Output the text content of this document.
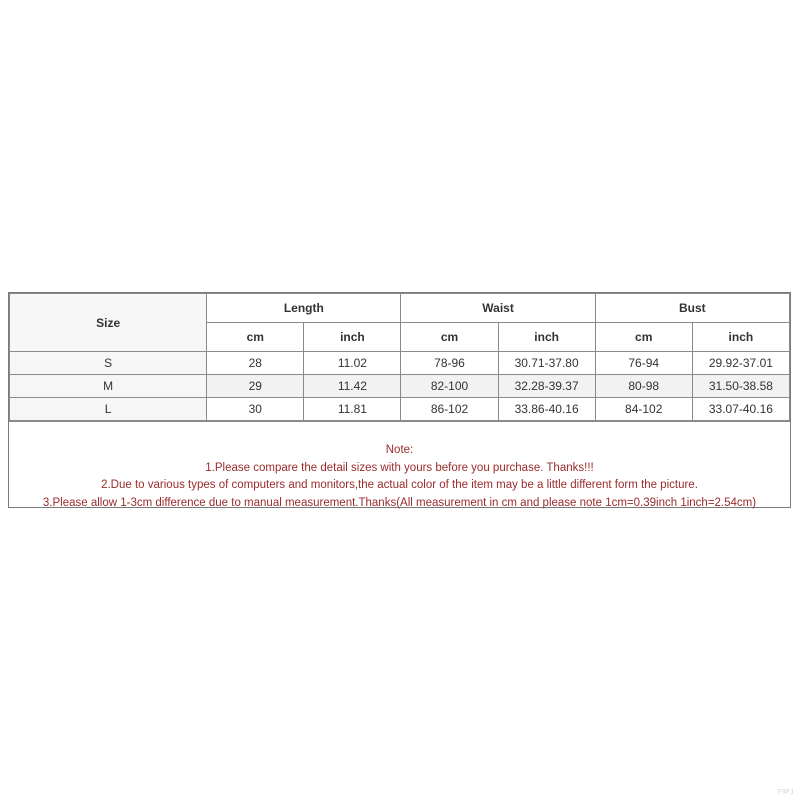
Size	Length		Waist		Bust	
	cm	inch	cm	inch	cm	inch
S	28	11.02	78-96	30.71-37.80	76-94	29.92-37.01
M	29	11.42	82-100	32.28-39.37	80-98	31.50-38.58
L	30	11.81	86-102	33.86-40.16	84-102	33.07-40.16
Note:
1.Please compare the detail sizes with yours before you purchase. Thanks!!!
2.Due to various types of computers and monitors,the actual color of the item may be a little different form the picture.
3.Please allow 1-3cm difference due to manual measurement.Thanks(All measurement in cm and please note 1cm=0.39inch 1inch=2.54cm)
F9PJ
